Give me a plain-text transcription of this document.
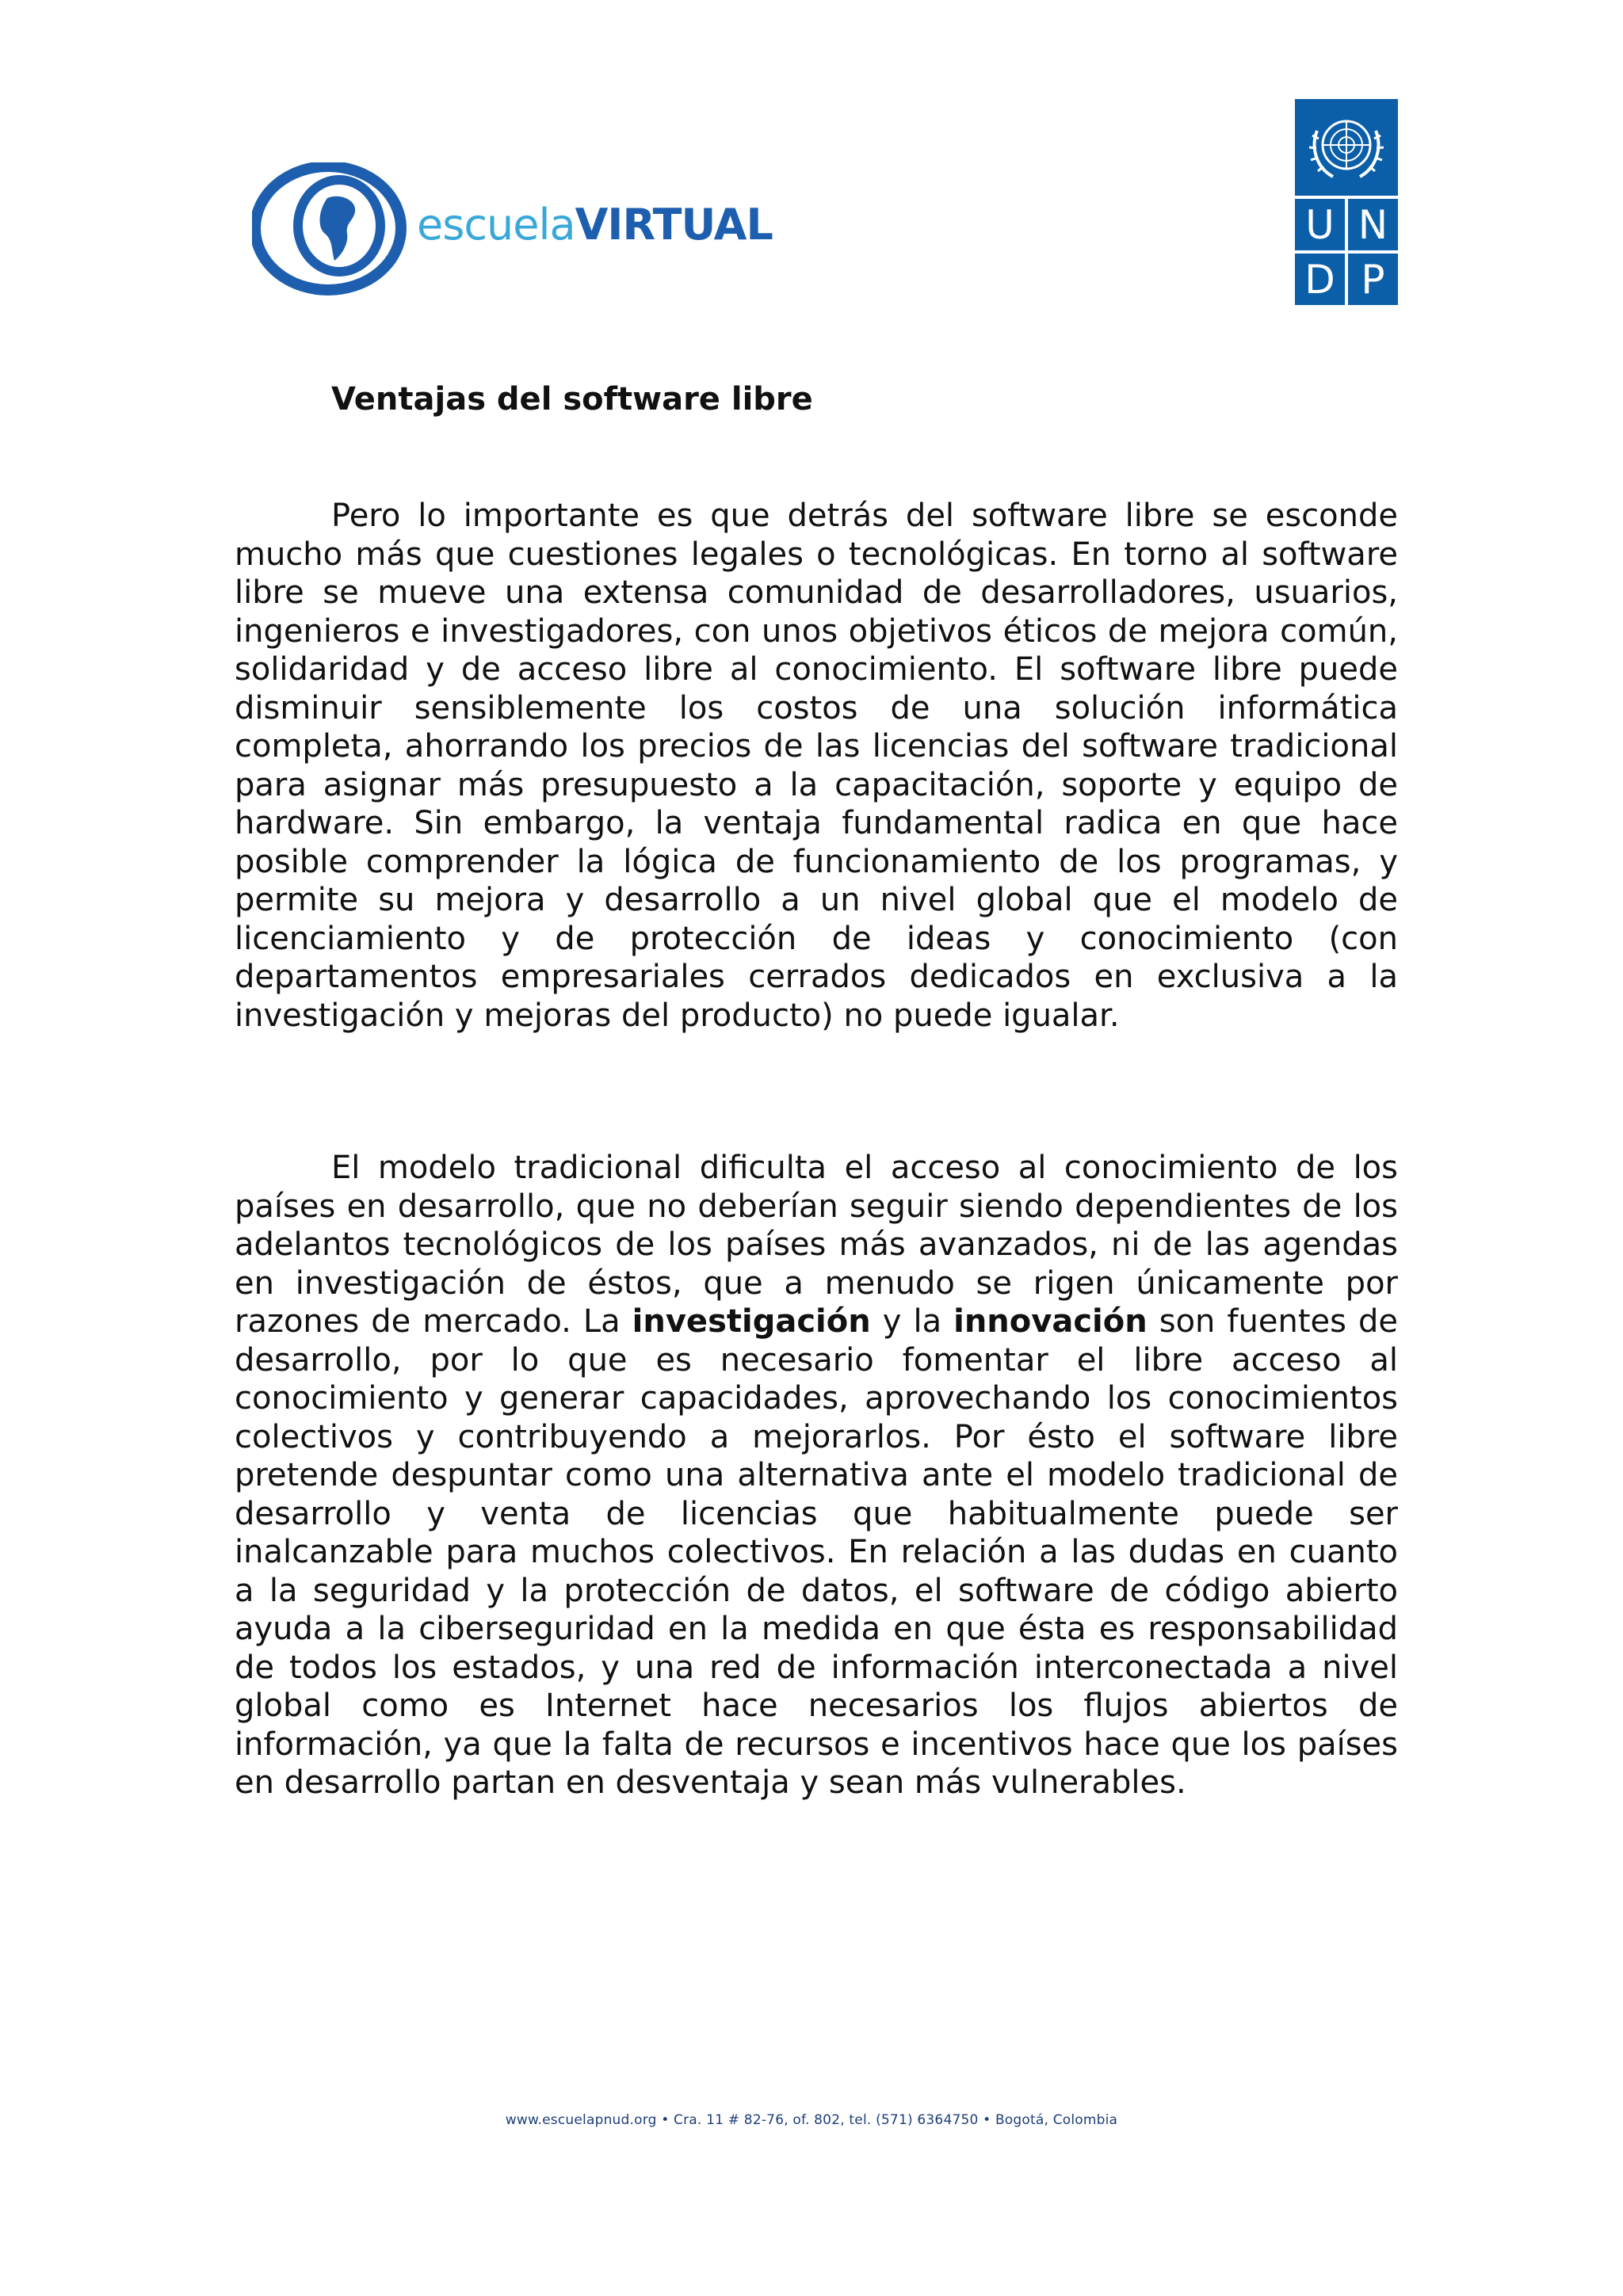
escuelaVIRTUAL	U N
D P
Ventajas del software libre

Pero lo importante es que detrás del software libre se esconde mucho más que cuestiones legales o tecnológicas. En torno al software libre se mueve una extensa comunidad de desarrolladores, usuarios, ingenieros e investigadores, con unos objetivos éticos de mejora común, solidaridad y de acceso libre al conocimiento. El software libre puede disminuir sensiblemente los costos de una solución informática completa, ahorrando los precios de las licencias del software tradicional para asignar más presupuesto a la capacitación, soporte y equipo de hardware. Sin embargo, la ventaja fundamental radica en que hace posible comprender la lógica de funcionamiento de los programas, y permite su mejora y desarrollo a un nivel global que el modelo de licenciamiento y de protección de ideas y conocimiento (con departamentos empresariales cerrados dedicados en exclusiva a la investigación y mejoras del producto) no puede igualar.

El modelo tradicional dificulta el acceso al conocimiento de los países en desarrollo, que no deberían seguir siendo dependientes de los adelantos tecnológicos de los países más avanzados, ni de las agendas en investigación de éstos, que a menudo se rigen únicamente por razones de mercado. La investigación y la innovación son fuentes de desarrollo, por lo que es necesario fomentar el libre acceso al conocimiento y generar capacidades, aprovechando los conocimientos colectivos y contribuyendo a mejorarlos. Por ésto el software libre pretende despuntar como una alternativa ante el modelo tradicional de desarrollo y venta de licencias que habitualmente puede ser inalcanzable para muchos colectivos. En relación a las dudas en cuanto a la seguridad y la protección de datos, el software de código abierto ayuda a la ciberseguridad en la medida en que ésta es responsabilidad de todos los estados, y una red de información interconectada a nivel global como es Internet hace necesarios los flujos abiertos de información, ya que la falta de recursos e incentivos hace que los países en desarrollo partan en desventaja y sean más vulnerables.

www.escuelapnud.org • Cra. 11 # 82-76, of. 802, tel. (571) 6364750 • Bogotá, Colombia
